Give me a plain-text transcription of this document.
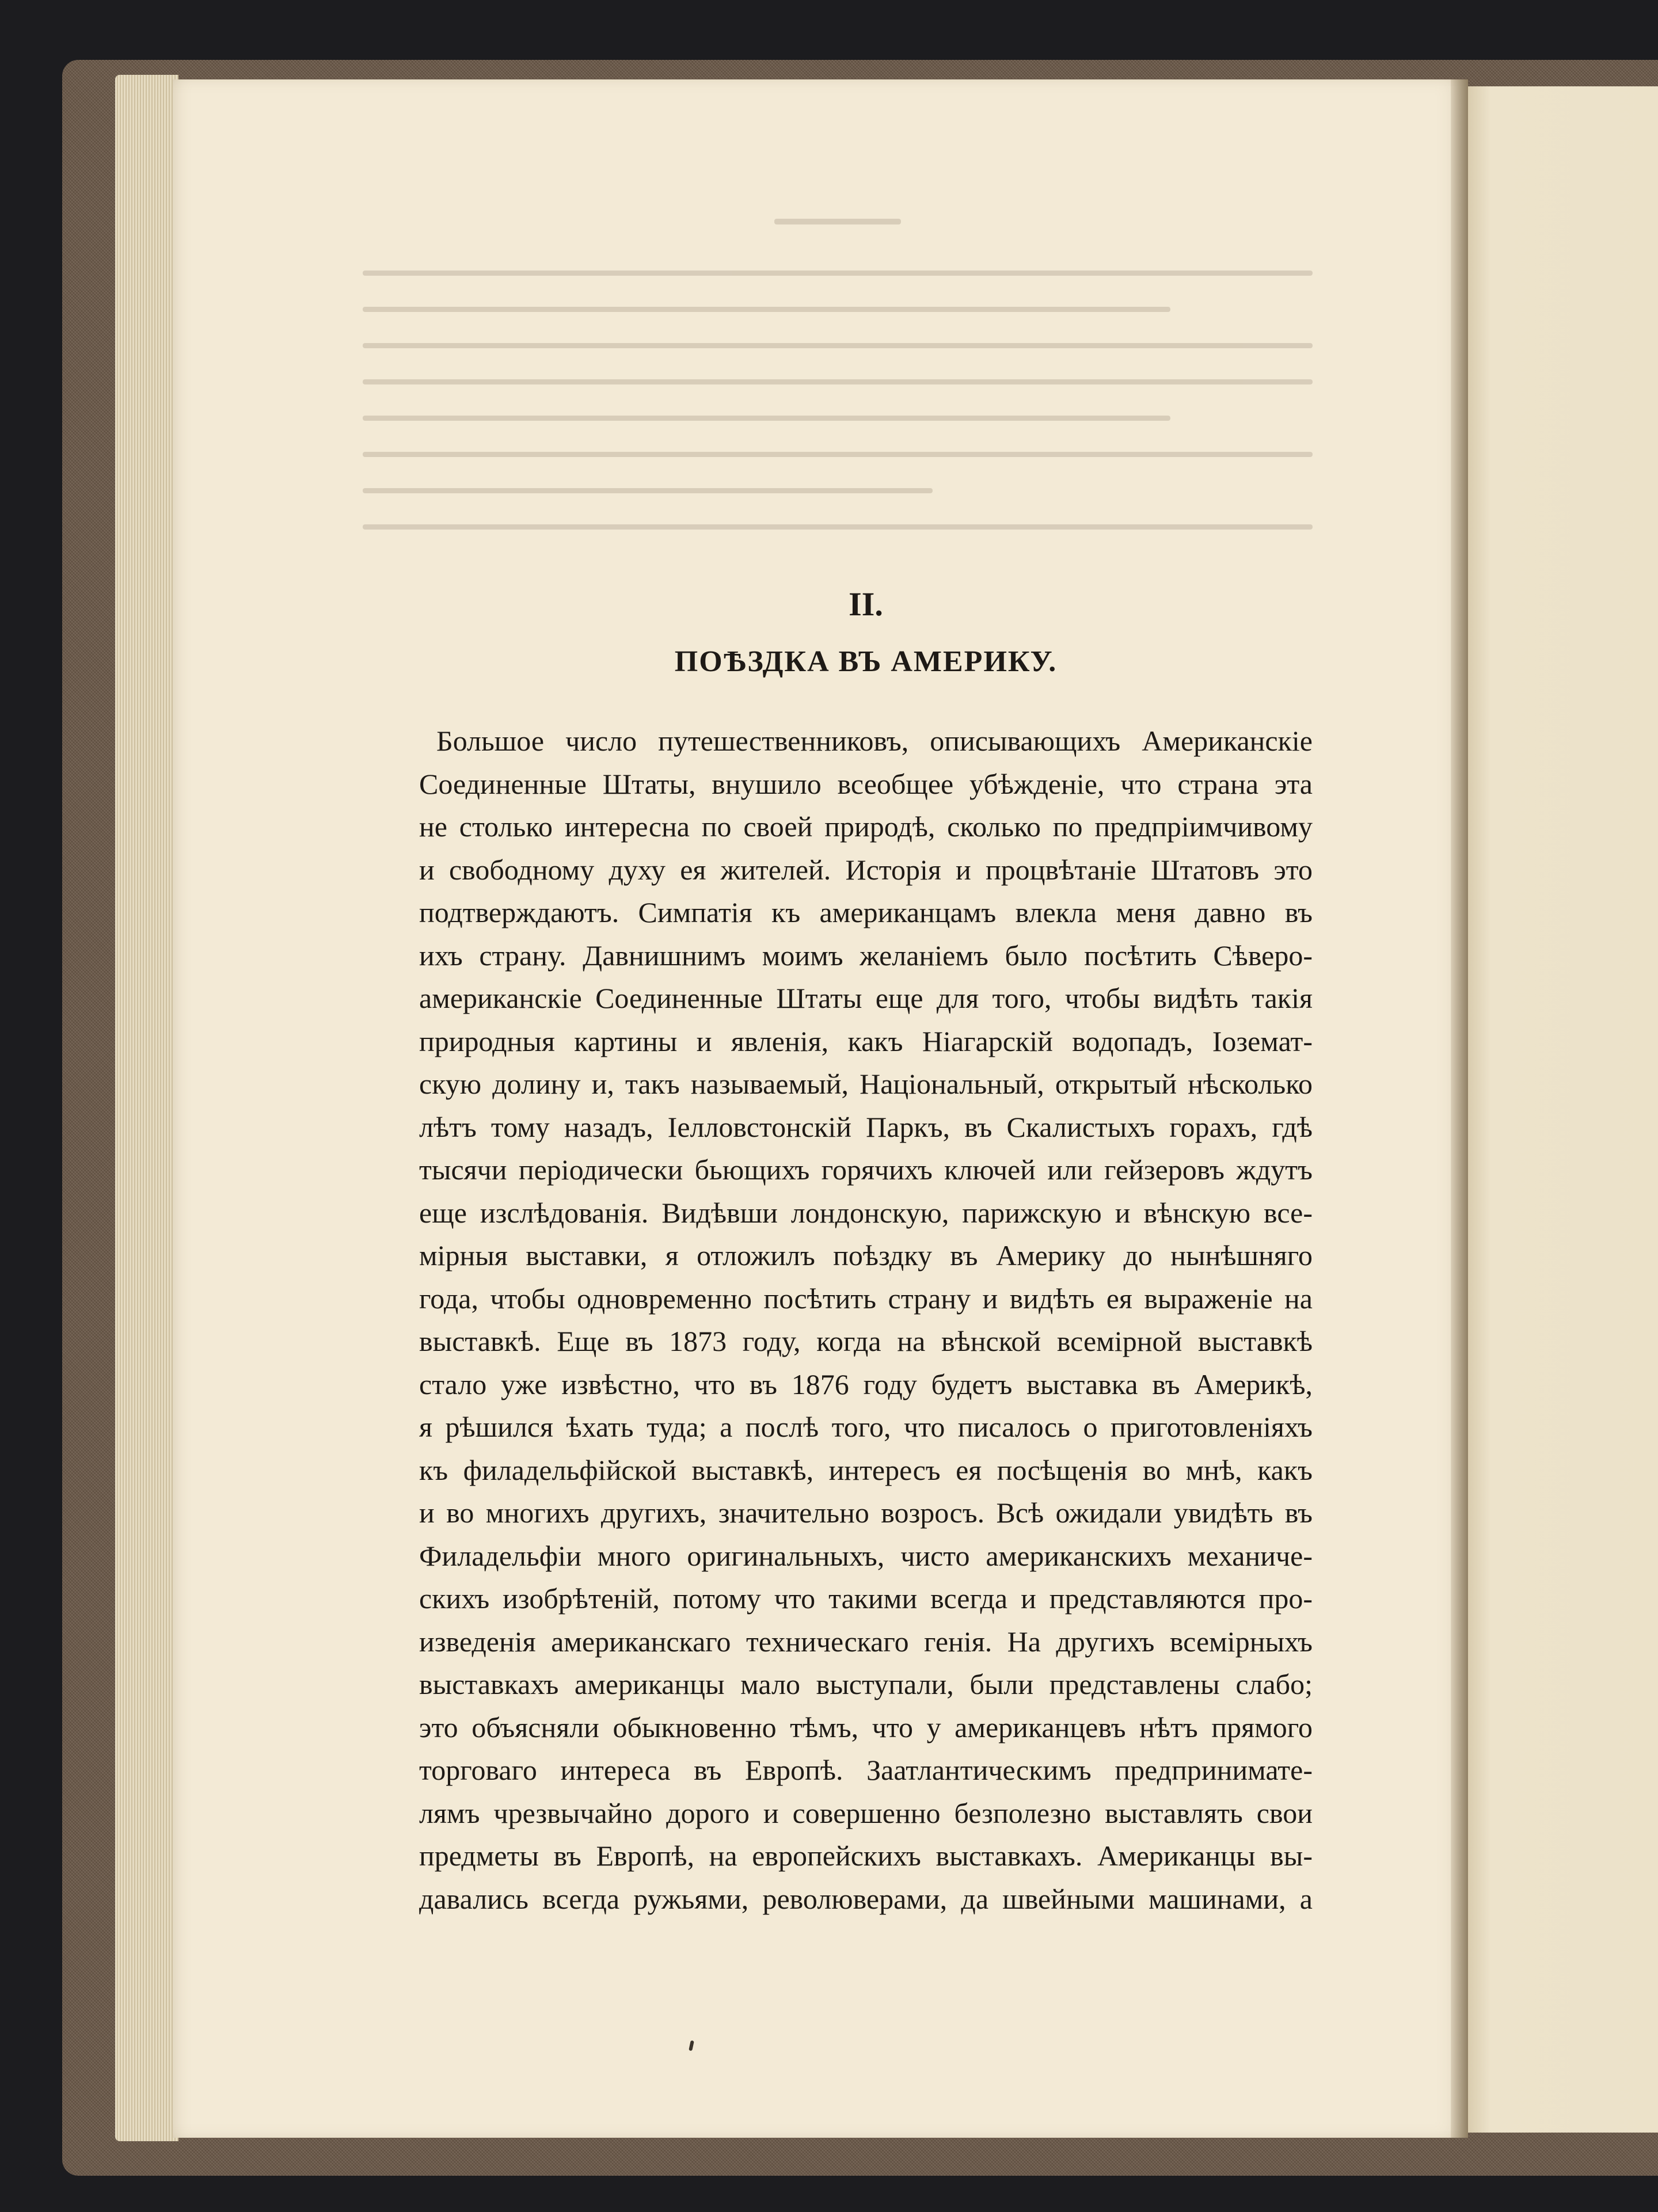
II.
ПОѢЗДКА ВЪ АМЕРИКУ.
Большое число путешественниковъ, описывающихъ Американскіе
Соединенные Штаты, внушило всеобщее убѣжденіе, что страна эта
не столько интересна по своей природѣ, сколько по предпріимчивому
и свободному духу ея жителей. Исторія и процвѣтаніе Штатовъ это
подтверждаютъ. Симпатія къ американцамъ влекла меня давно въ
ихъ страну. Давнишнимъ моимъ желаніемъ было посѣтить Сѣверо-
американскіе Соединенные Штаты еще для того, чтобы видѣть такія
природныя картины и явленія, какъ Ніагарскій водопадъ, Іоземат-
скую долину и, такъ называемый, Національный, открытый нѣсколько
лѣтъ тому назадъ, Іелловстонскій Паркъ, въ Скалистыхъ горахъ, гдѣ
тысячи періодически бьющихъ горячихъ ключей или гейзеровъ ждутъ
еще изслѣдованія. Видѣвши лондонскую, парижскую и вѣнскую все-
мірныя выставки, я отложилъ поѣздку въ Америку до нынѣшняго
года, чтобы одновременно посѣтить страну и видѣть ея выраженіе на
выставкѣ. Еще въ 1873 году, когда на вѣнской всемірной выставкѣ
стало уже извѣстно, что въ 1876 году будетъ выставка въ Америкѣ,
я рѣшился ѣхать туда; а послѣ того, что писалось о приготовленіяхъ
къ филадельфійской выставкѣ, интересъ ея посѣщенія во мнѣ, какъ
и во многихъ другихъ, значительно возросъ. Всѣ ожидали увидѣть въ
Филадельфіи много оригинальныхъ, чисто американскихъ механиче-
скихъ изобрѣтеній, потому что такими всегда и представляются про-
изведенія американскаго техническаго генія. На другихъ всемірныхъ
выставкахъ американцы мало выступали, были представлены слабо;
это объясняли обыкновенно тѣмъ, что у американцевъ нѣтъ прямого
торговаго интереса въ Европѣ. Заатлантическимъ предпринимате-
лямъ чрезвычайно дорого и совершенно безполезно выставлять свои
предметы въ Европѣ, на европейскихъ выставкахъ. Американцы вы-
давались всегда ружьями, революверами, да швейными машинами, а
